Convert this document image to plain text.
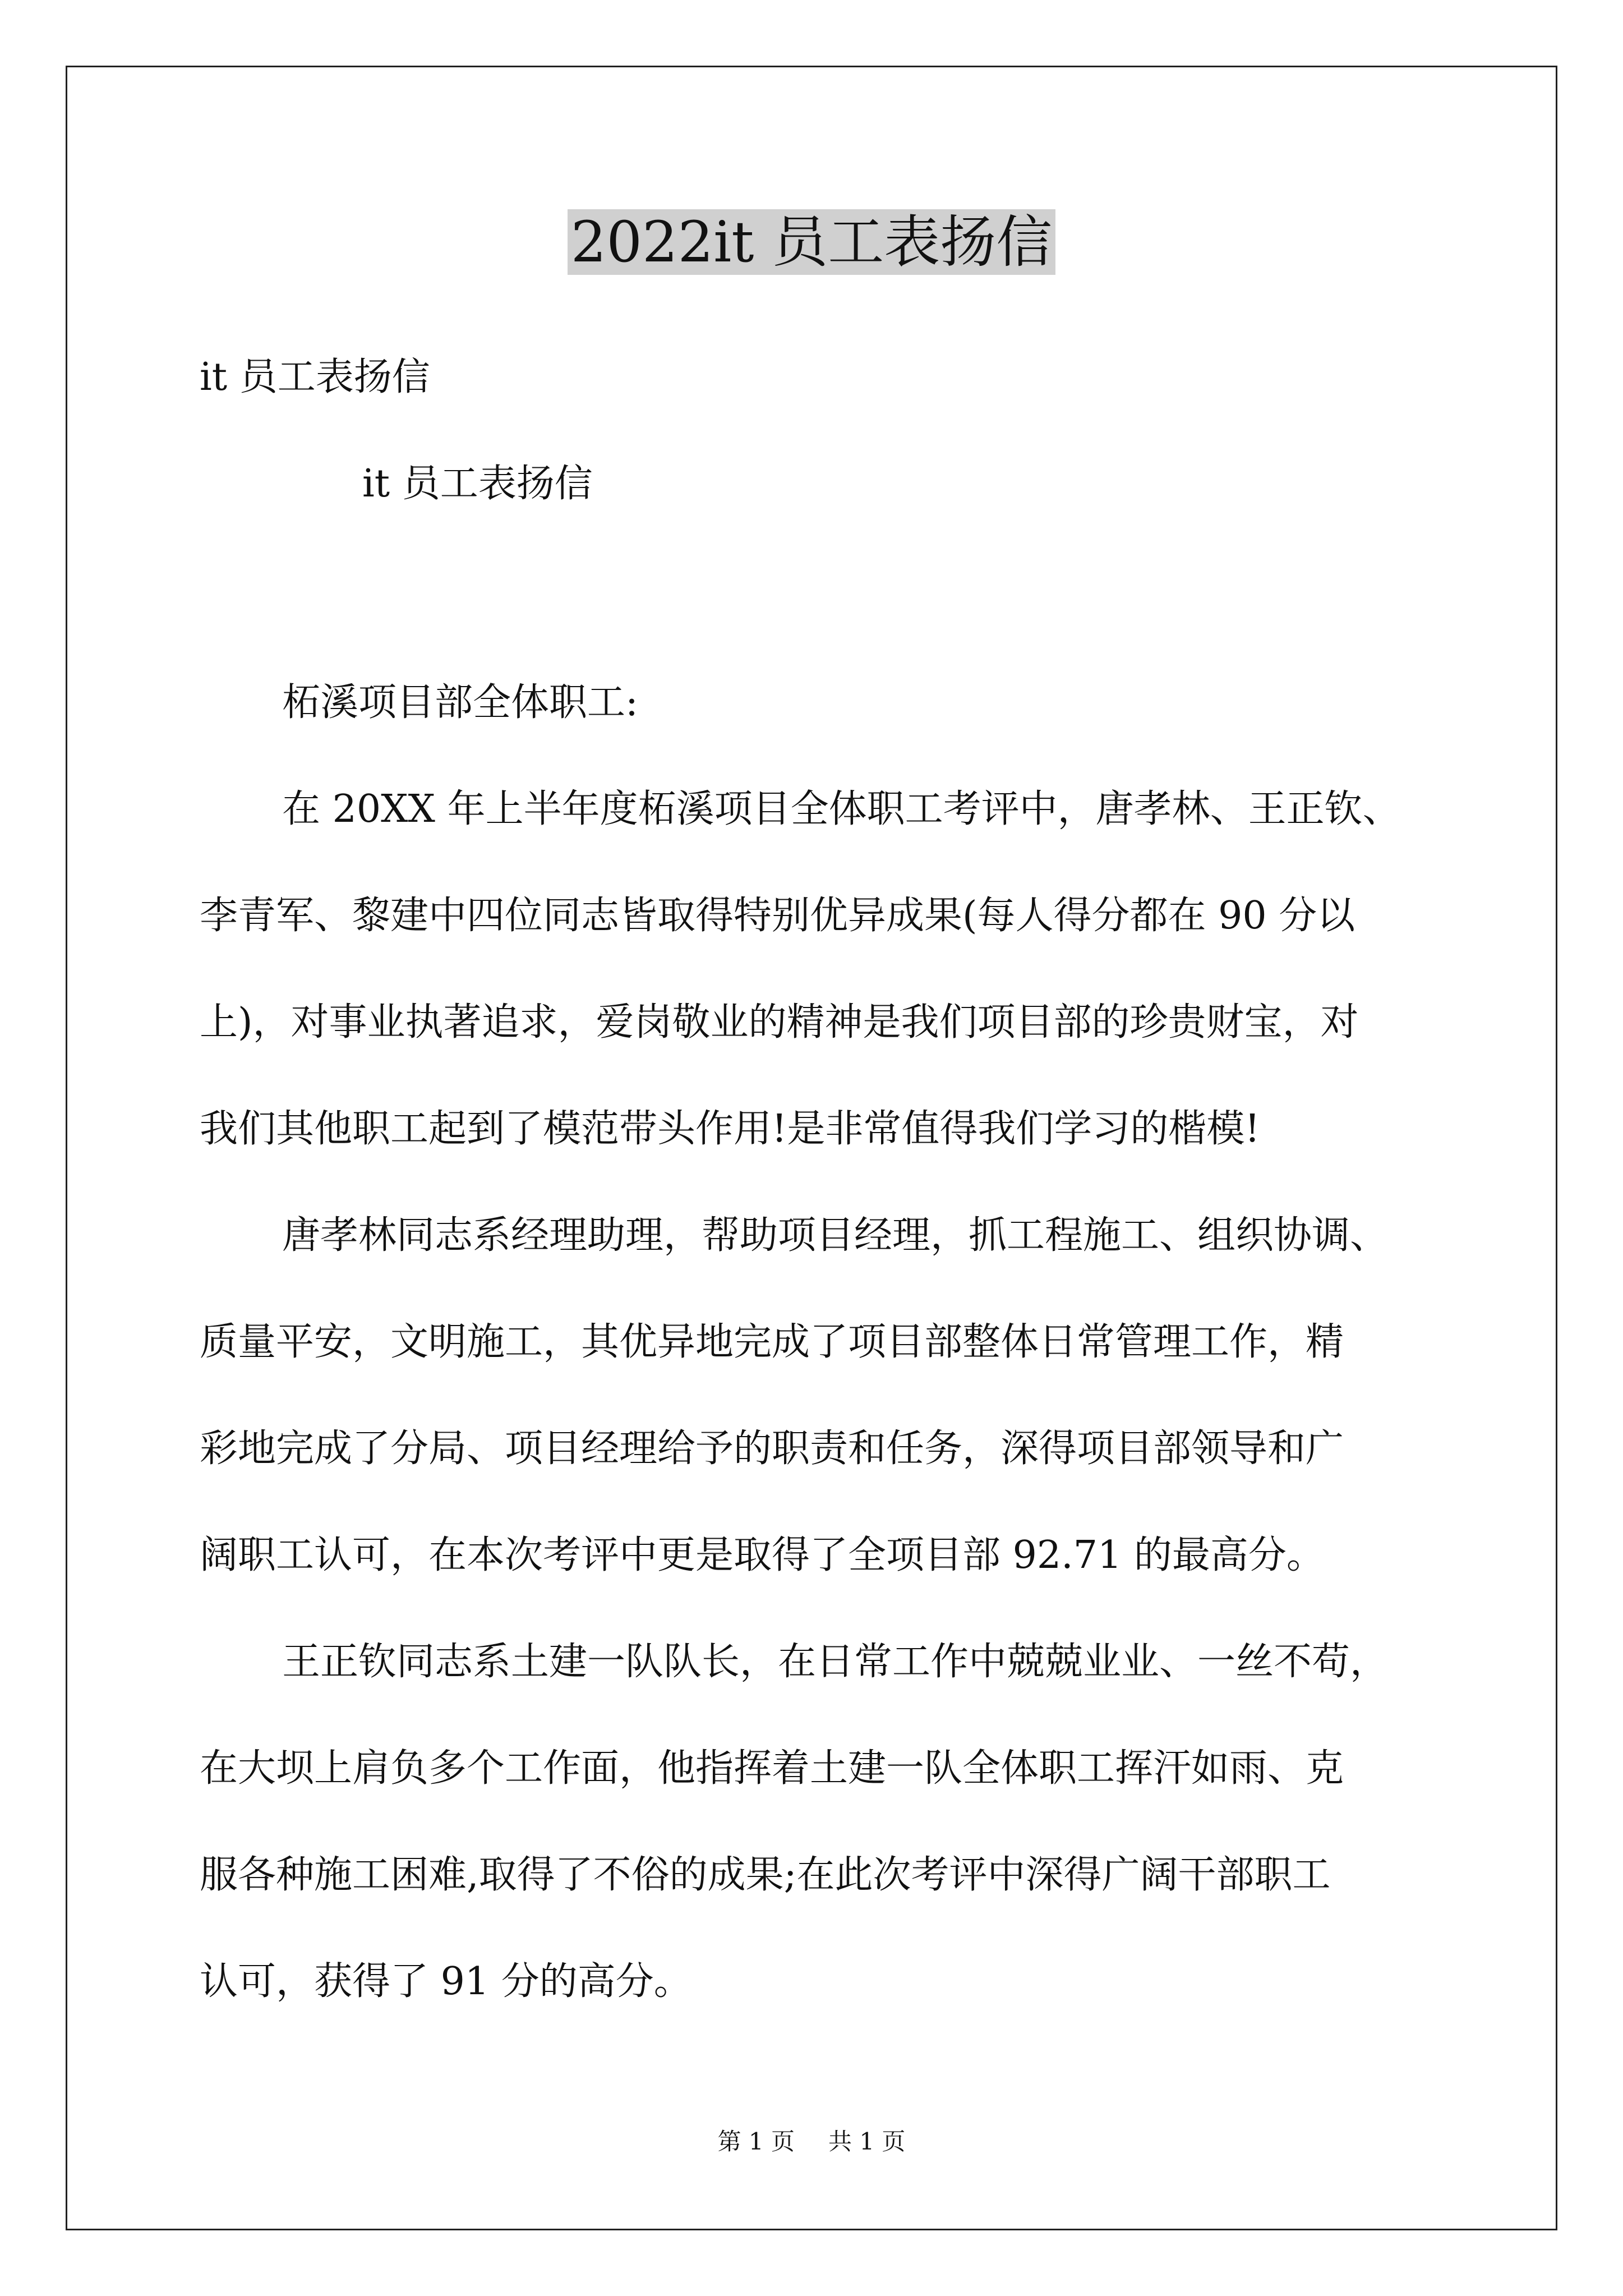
2022it 员工表扬信

it 员工表扬信

it 员工表扬信

柘溪项目部全体职工:

在 20XX 年上半年度柘溪项目全体职工考评中，唐孝林、王正钦、

李青军、黎建中四位同志皆取得特别优异成果(每人得分都在 90 分以

上)，对事业执著追求，爱岗敬业的精神是我们项目部的珍贵财宝，对

我们其他职工起到了模范带头作用!是非常值得我们学习的楷模!

唐孝林同志系经理助理，帮助项目经理，抓工程施工、组织协调、

质量平安，文明施工，其优异地完成了项目部整体日常管理工作，精

彩地完成了分局、项目经理给予的职责和任务，深得项目部领导和广

阔职工认可，在本次考评中更是取得了全项目部 92.71 的最高分。

王正钦同志系土建一队队长，在日常工作中兢兢业业、一丝不苟，

在大坝上肩负多个工作面，他指挥着土建一队全体职工挥汗如雨、克

服各种施工困难,取得了不俗的成果;在此次考评中深得广阔干部职工

认可，获得了 91 分的高分。

第 1 页 共 1 页
